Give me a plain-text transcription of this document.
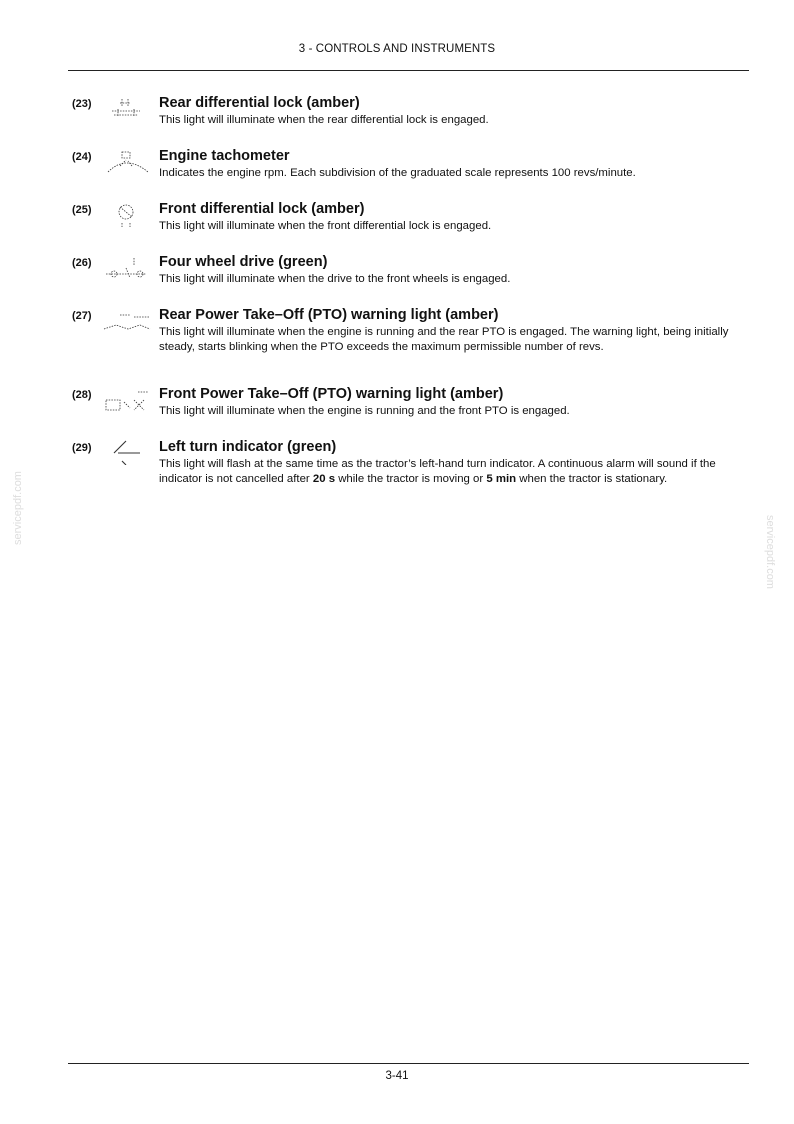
3 - CONTROLS AND INSTRUMENTS
(23)	Rear differential lock (amber)
This light will illuminate when the rear differential lock is engaged.
(24)	Engine tachometer
Indicates the engine rpm. Each subdivision of the graduated scale represents 100 revs/minute.
(25)	Front differential lock (amber)
This light will illuminate when the front differential lock is engaged.
(26)	Four wheel drive (green)
This light will illuminate when the drive to the front wheels is engaged.
(27)	Rear Power Take–Off (PTO) warning light (amber)
This light will illuminate when the engine is running and the rear PTO is engaged. The warning light, being initially steady, starts blinking when the PTO exceeds the maximum permissible number of revs.
(28)	Front Power Take–Off (PTO) warning light (amber)
This light will illuminate when the engine is running and the front PTO is engaged.
(29)	Left turn indicator (green)
This light will flash at the same time as the tractor’s left-hand turn indicator. A continuous alarm will sound if the indicator is not cancelled after 20 s while the tractor is moving or 5 min when the tractor is stationary.
servicepdf.com
servicepdf.com
3-41
